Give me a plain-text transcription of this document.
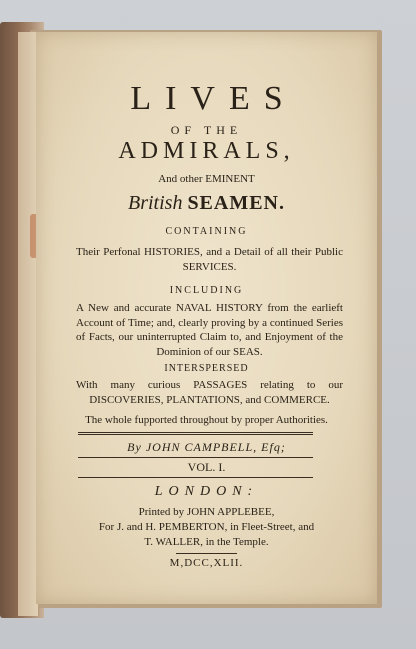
LIVES
OF THE
ADMIRALS,
And other EMINENT
British SEAMEN.
CONTAINING
Their Perfonal HISTORIES, and a Detail of all their Public SERVICES.
INCLUDING
A New and accurate NAVAL HISTORY from the earlieft Account of Time; and, clearly proving by a continued Series of Facts, our uninterrupted Claim to, and Enjoyment of the Dominion of our SEAS.
INTERSPERSED
With many curious PASSAGES relating to our DISCOVERIES, PLANTATIONS, and COMMERCE.
The whole fupported throughout by proper Authorities.
By JOHN CAMPBELL, Efq;
VOL. I.
LONDON:
Printed by JOHN APPLEBEE,
For J. and H. PEMBERTON, in Fleet-Street, and
T. WALLER, in the Temple.
M,DCC,XLII.
